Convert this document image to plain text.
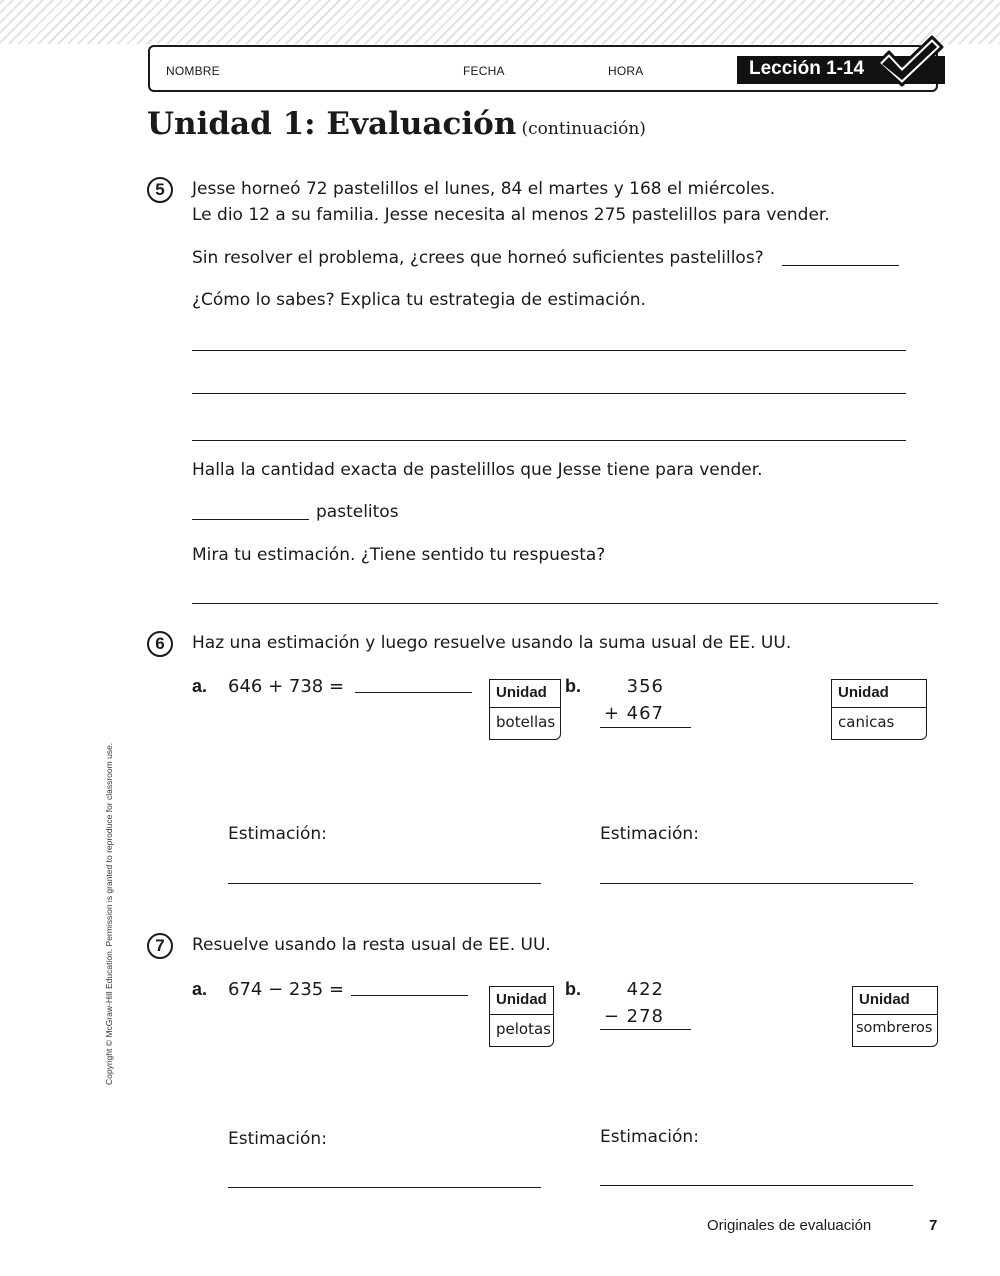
NOMBRE	FECHA	HORA	Lección 1-14
Unidad 1: Evaluación (continuación)
5	Jesse horneó 72 pastelillos el lunes, 84 el martes y 168 el miércoles.
Le dio 12 a su familia. Jesse necesita al menos 275 pastelillos para vender.
Sin resolver el problema, ¿crees que horneó suficientes pastelillos?
¿Cómo lo sabes? Explica tu estrategia de estimación.
Halla la cantidad exacta de pastelillos que Jesse tiene para vender.
pastelitos
Mira tu estimación. ¿Tiene sentido tu respuesta?
6	Haz una estimación y luego resuelve usando la suma usual de EE. UU.
a. 646 + 738 =	Unidad
botellas
b.	356
+ 467
Unidad
canicas
Estimación:	Estimación:
7	Resuelve usando la resta usual de EE. UU.
a. 674 − 235 =	Unidad
pelotas
b.	422
− 278
Unidad
sombreros
Estimación:	Estimación:
Copyright © McGraw-Hill Education. Permission is granted to reproduce for classroom use.
Originales de evaluación	7
